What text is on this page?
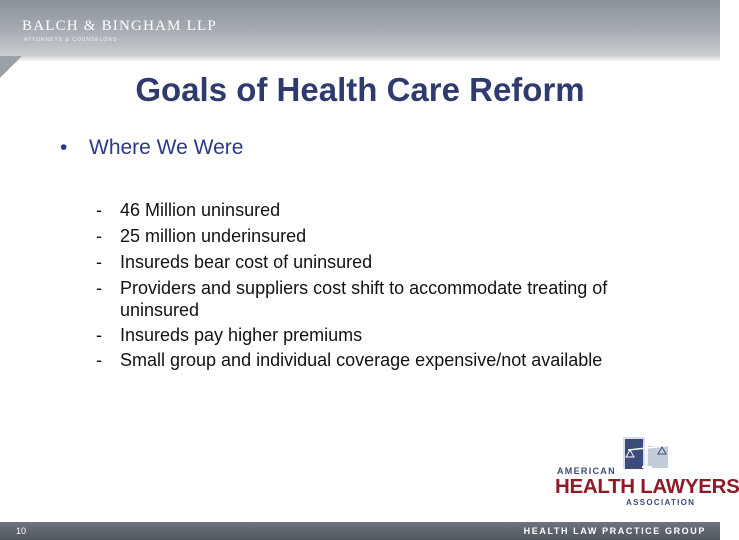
BALCH & BINGHAM LLP
ATTORNEYS & COUNSELORS
Goals of Health Care Reform
• Where We Were
- 46 Million uninsured
- 25 million underinsured
- Insureds bear cost of uninsured
- Providers and suppliers cost shift to accommodate treating of uninsured
- Insureds pay higher premiums
- Small group and individual coverage expensive/not available
AMERICAN
HEALTH LAWYERS
ASSOCIATION
10	HEALTH LAW PRACTICE GROUP
